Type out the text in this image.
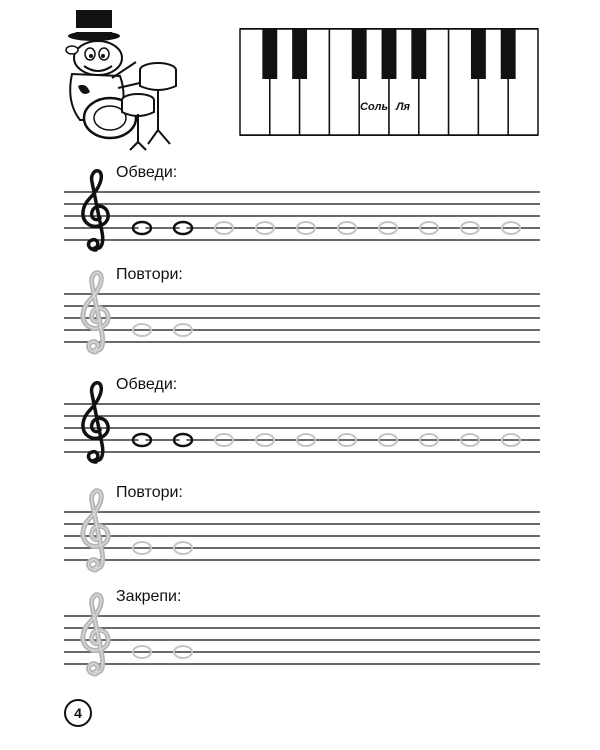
Соль Ля
Обведи:
Повтори:
Обведи:
Повтори:
Закрепи:
4
